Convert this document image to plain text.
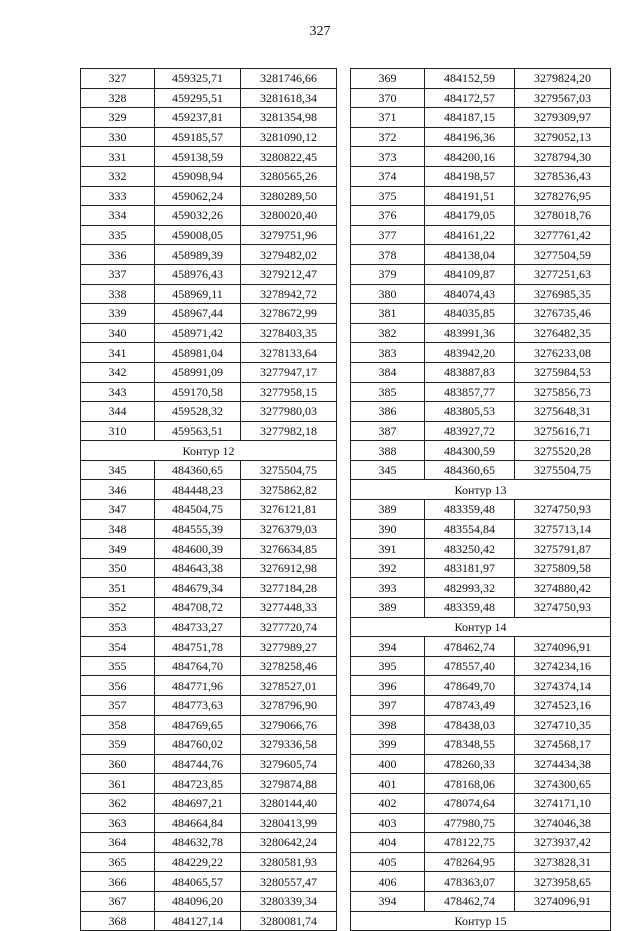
327
327	459325,71	3281746,66
328	459295,51	3281618,34
329	459237,81	3281354,98
330	459185,57	3281090,12
331	459138,59	3280822,45
332	459098,94	3280565,26
333	459062,24	3280289,50
334	459032,26	3280020,40
335	459008,05	3279751,96
336	458989,39	3279482,02
337	458976,43	3279212,47
338	458969,11	3278942,72
339	458967,44	3278672,99
340	458971,42	3278403,35
341	458981,04	3278133,64
342	458991,09	3277947,17
343	459170,58	3277958,15
344	459528,32	3277980,03
310	459563,51	3277982,18
Контур 12		
345	484360,65	3275504,75
346	484448,23	3275862,82
347	484504,75	3276121,81
348	484555,39	3276379,03
349	484600,39	3276634,85
350	484643,38	3276912,98
351	484679,34	3277184,28
352	484708,72	3277448,33
353	484733,27	3277720,74
354	484751,78	3277989,27
355	484764,70	3278258,46
356	484771,96	3278527,01
357	484773,63	3278796,90
358	484769,65	3279066,76
359	484760,02	3279336,58
360	484744,76	3279605,74
361	484723,85	3279874,88
362	484697,21	3280144,40
363	484664,84	3280413,99
364	484632,78	3280642,24
365	484229,22	3280581,93
366	484065,57	3280557,47
367	484096,20	3280339,34
368	484127,14	3280081,74
369	484152,59	3279824,20
370	484172,57	3279567,03
371	484187,15	3279309,97
372	484196,36	3279052,13
373	484200,16	3278794,30
374	484198,57	3278536,43
375	484191,51	3278276,95
376	484179,05	3278018,76
377	484161,22	3277761,42
378	484138,04	3277504,59
379	484109,87	3277251,63
380	484074,43	3276985,35
381	484035,85	3276735,46
382	483991,36	3276482,35
383	483942,20	3276233,08
384	483887,83	3275984,53
385	483857,77	3275856,73
386	483805,53	3275648,31
387	483927,72	3275616,71
388	484300,59	3275520,28
345	484360,65	3275504,75
Контур 13		
389	483359,48	3274750,93
390	483554,84	3275713,14
391	483250,42	3275791,87
392	483181,97	3275809,58
393	482993,32	3274880,42
389	483359,48	3274750,93
Контур 14		
394	478462,74	3274096,91
395	478557,40	3274234,16
396	478649,70	3274374,14
397	478743,49	3274523,16
398	478438,03	3274710,35
399	478348,55	3274568,17
400	478260,33	3274434,38
401	478168,06	3274300,65
402	478074,64	3274171,10
403	477980,75	3274046,38
404	478122,75	3273937,42
405	478264,95	3273828,31
406	478363,07	3273958,65
394	478462,74	3274096,91
Контур 15		
